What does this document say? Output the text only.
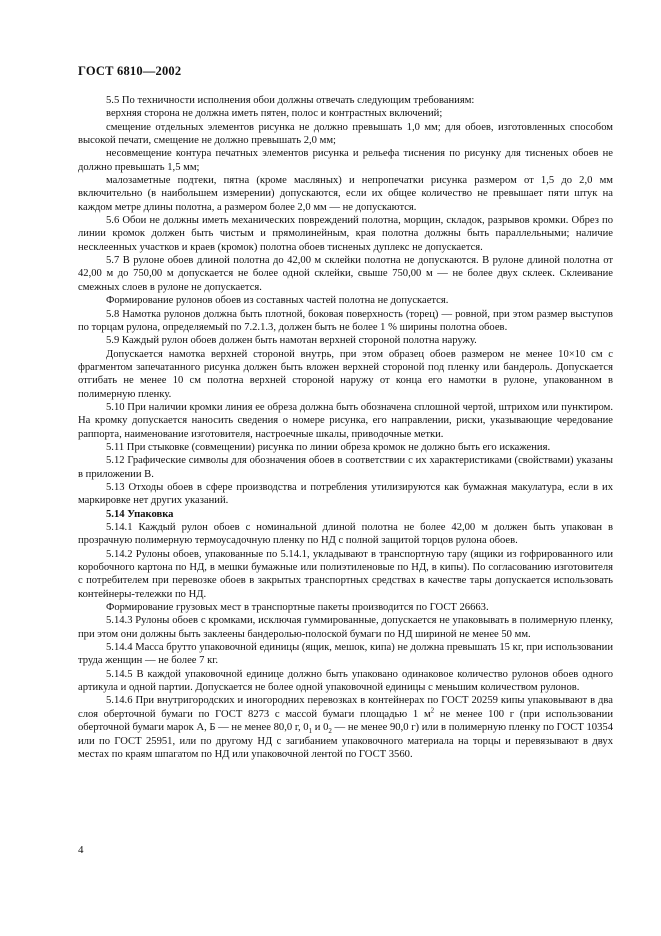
ГОСТ 6810—2002

5.5 По техничности исполнения обои должны отвечать следующим требованиям:

верхняя сторона не должна иметь пятен, полос и контрастных включений;

смещение отдельных элементов рисунка не должно превышать 1,0 мм; для обоев, изготовленных способом высокой печати, смещение не должно превышать 2,0 мм;

несовмещение контура печатных элементов рисунка и рельефа тиснения по рисунку для тисненых обоев не должно превышать 1,5 мм;

малозаметные подтеки, пятна (кроме масляных) и непропечатки рисунка размером от 1,5 до 2,0 мм включительно (в наибольшем измерении) допускаются, если их общее количество не превышает пяти штук на каждом метре длины полотна, а размером более 2,0 мм — не допускаются.

5.6 Обои не должны иметь механических повреждений полотна, морщин, складок, разрывов кромки. Обрез по линии кромок должен быть чистым и прямолинейным, края полотна должны быть параллельными; наличие несклеенных участков и краев (кромок) полотна обоев тисненых дуплекс не допускается.

5.7 В рулоне обоев длиной полотна до 42,00 м склейки полотна не допускаются. В рулоне длиной полотна от 42,00 м до 750,00 м допускается не более одной склейки, свыше 750,00 м — не более двух склеек. Склеивание смежных слоев в рулоне не допускается.

Формирование рулонов обоев из составных частей полотна не допускается.

5.8 Намотка рулонов должна быть плотной, боковая поверхность (торец) — ровной, при этом размер выступов по торцам рулона, определяемый по 7.2.1.3, должен быть не более 1 % ширины полотна обоев.

5.9 Каждый рулон обоев должен быть намотан верхней стороной полотна наружу.

Допускается намотка верхней стороной внутрь, при этом образец обоев размером не менее 10×10 см с фрагментом запечатанного рисунка должен быть вложен верхней стороной под пленку или бандероль. Допускается отгибать не менее 10 см полотна верхней стороной наружу от конца его намотки в рулоне, упакованном в полимерную пленку.

5.10 При наличии кромки линия ее обреза должна быть обозначена сплошной чертой, штрихом или пунктиром. На кромку допускается наносить сведения о номере рисунка, его направлении, риски, указывающие чередование раппорта, наименование изготовителя, настроечные шкалы, приводочные метки.

5.11 При стыковке (совмещении) рисунка по линии обреза кромок не должно быть его искажения.

5.12 Графические символы для обозначения обоев в соответствии с их характеристиками (свойствами) указаны в приложении В.

5.13 Отходы обоев в сфере производства и потребления утилизируются как бумажная макулатура, если в их маркировке нет других указаний.

5.14 Упаковка

5.14.1 Каждый рулон обоев с номинальной длиной полотна не более 42,00 м должен быть упакован в прозрачную полимерную термоусадочную пленку по НД с полной защитой торцов рулона обоев.

5.14.2 Рулоны обоев, упакованные по 5.14.1, укладывают в транспортную тару (ящики из гофрированного или коробочного картона по НД, в мешки бумажные или полиэтиленовые по НД, в кипы). По согласованию изготовителя с потребителем при перевозке обоев в закрытых транспортных средствах в качестве тары допускается использовать контейнеры-тележки по НД.

Формирование грузовых мест в транспортные пакеты производится по ГОСТ 26663.

5.14.3 Рулоны обоев с кромками, исключая гуммированные, допускается не упаковывать в полимерную пленку, при этом они должны быть заклеены бандеролью-полоской бумаги по НД шириной не менее 50 мм.

5.14.4 Масса брутто упаковочной единицы (ящик, мешок, кипа) не должна превышать 15 кг, при использовании труда женщин — не более 7 кг.

5.14.5 В каждой упаковочной единице должно быть упаковано одинаковое количество рулонов обоев одного артикула и одной партии. Допускается не более одной упаковочной единицы с меньшим количеством рулонов.

5.14.6 При внутригородских и иногородних перевозках в контейнерах по ГОСТ 20259 кипы упаковывают в два слоя оберточной бумаги по ГОСТ 8273 с массой бумаги площадью 1 $м^2$ не менее 100 г (при использовании оберточной бумаги марок А, Б — не менее 80,0 г, $0_1$ и $0_2$ — не менее 90,0 г) или в полимерную пленку по ГОСТ 10354 или по ГОСТ 25951, или по другому НД с загибанием упаковочного материала на торцы и перевязывают в двух местах по краям шпагатом по НД или упаковочной лентой по ГОСТ 3560.

4
